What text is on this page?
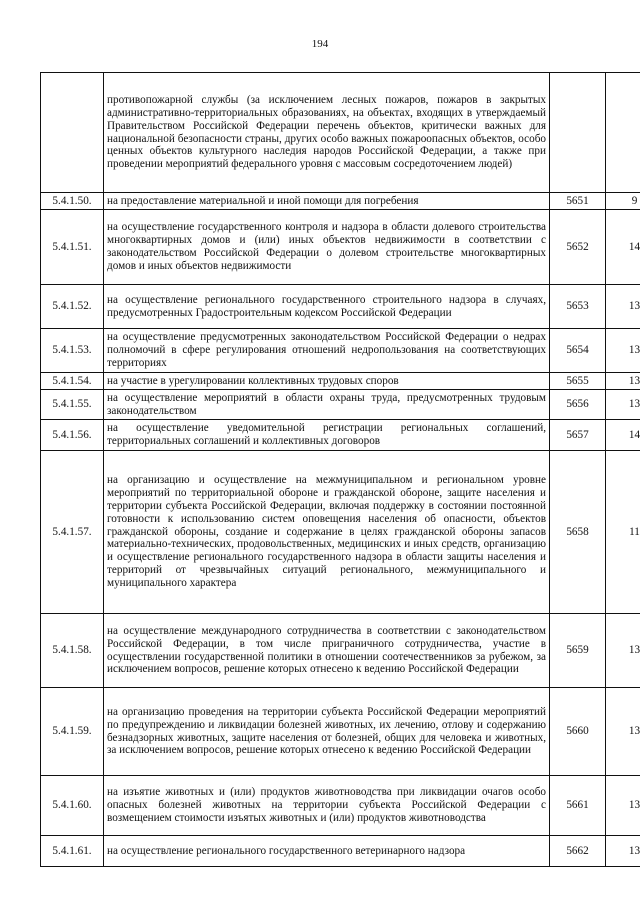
194
	противопожарной службы (за исключением лесных пожаров, пожаров в закрытых административно-территориальных образованиях, на объектах, входящих в утверждаемый Правительством Российской Федерации перечень объектов, критически важных для национальной безопасности страны, других особо важных пожароопасных объектов, особо ценных объектов культурного наследия народов Российской Федерации, а также при проведении мероприятий федерального уровня с массовым сосредоточением людей)		
5.4.1.50.	на предоставление материальной и иной помощи для погребения	5651	9
5.4.1.51.	на осуществление государственного контроля и надзора в области долевого строительства многоквартирных домов и (или) иных объектов недвижимости в соответствии с законодательством Российской Федерации о долевом строительстве многоквартирных домов и иных объектов недвижимости	5652	14
5.4.1.52.	на осуществление регионального государственного строительного надзора в случаях, предусмотренных Градостроительным кодексом Российской Федерации	5653	13
5.4.1.53.	на осуществление предусмотренных законодательством Российской Федерации о недрах полномочий в сфере регулирования отношений недропользования на соответствующих территориях	5654	13
5.4.1.54.	на участие в урегулировании коллективных трудовых споров	5655	13
5.4.1.55.	на осуществление мероприятий в области охраны труда, предусмотренных трудовым законодательством	5656	13
5.4.1.56.	на осуществление уведомительной регистрации региональных соглашений, территориальных соглашений и коллективных договоров	5657	14
5.4.1.57.	на организацию и осуществление на межмуниципальном и региональном уровне мероприятий по территориальной обороне и гражданской обороне, защите населения и территории субъекта Российской Федерации, включая поддержку в состоянии постоянной готовности к использованию систем оповещения населения об опасности, объектов гражданской обороны, создание и содержание в целях гражданской обороны запасов материально-технических, продовольственных, медицинских и иных средств, организацию и осуществление регионального государственного надзора в области защиты населения и территорий от чрезвычайных ситуаций регионального, межмуниципального и муниципального характера	5658	11
5.4.1.58.	на осуществление международного сотрудничества в соответствии с законодательством Российской Федерации, в том числе приграничного сотрудничества, участие в осуществлении государственной политики в отношении соотечественников за рубежом, за исключением вопросов, решение которых отнесено к ведению Российской Федерации	5659	13
5.4.1.59.	на организацию проведения на территории субъекта Российской Федерации мероприятий по предупреждению и ликвидации болезней животных, их лечению, отлову и содержанию безнадзорных животных, защите населения от болезней, общих для человека и животных, за исключением вопросов, решение которых отнесено к ведению Российской Федерации	5660	13
5.4.1.60.	на изъятие животных и (или) продуктов животноводства при ликвидации очагов особо опасных болезней животных на территории субъекта Российской Федерации с возмещением стоимости изъятых животных и (или) продуктов животноводства	5661	13
5.4.1.61.	на осуществление регионального государственного ветеринарного надзора	5662	13
